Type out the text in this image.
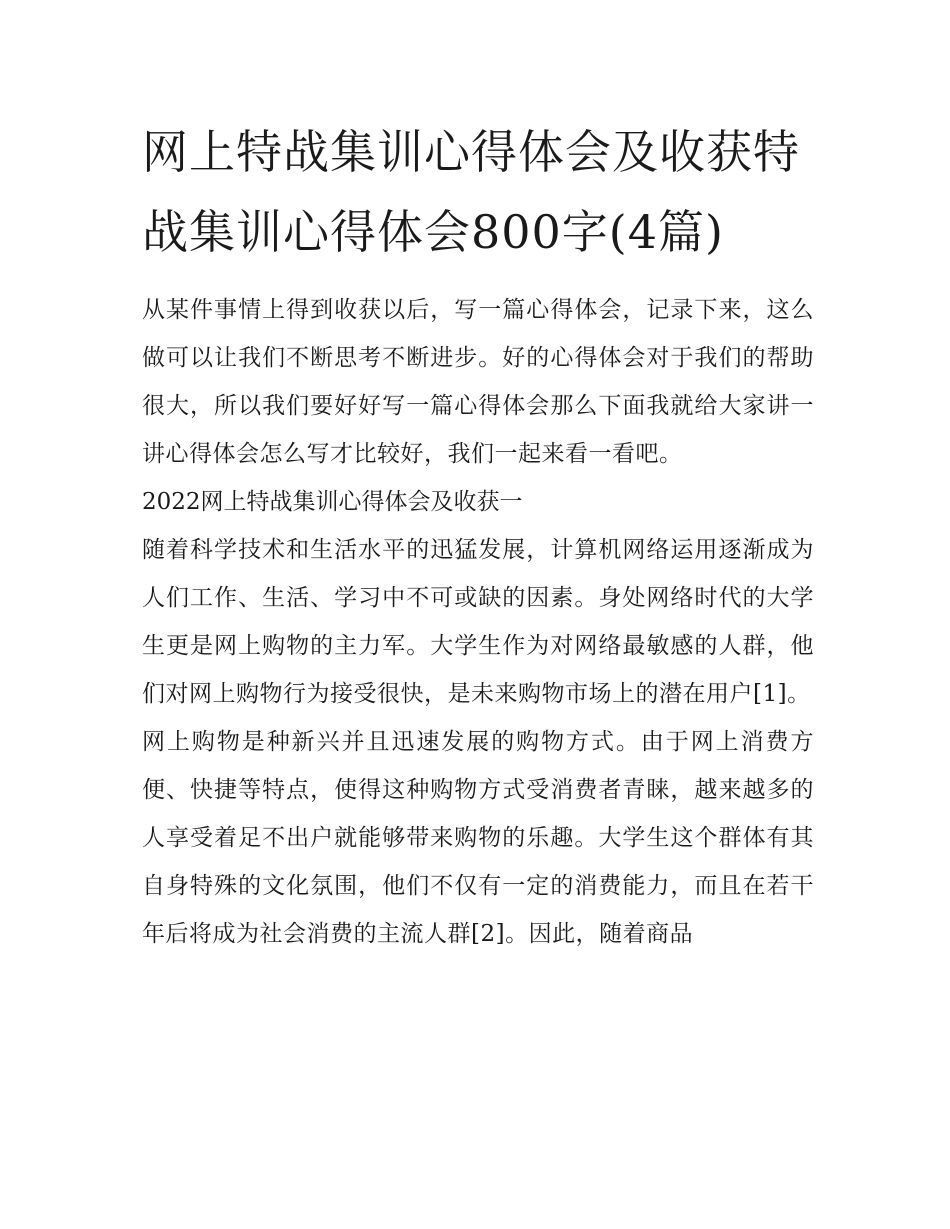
网上特战集训心得体会及收获特战集训心得体会800字(4篇)

从某件事情上得到收获以后，写一篇心得体会，记录下来，这么做可以让我们不断思考不断进步。好的心得体会对于我们的帮助很大，所以我们要好好写一篇心得体会那么下面我就给大家讲一讲心得体会怎么写才比较好，我们一起来看一看吧。

2022网上特战集训心得体会及收获一

随着科学技术和生活水平的迅猛发展，计算机网络运用逐渐成为人们工作、生活、学习中不可或缺的因素。身处网络时代的大学生更是网上购物的主力军。大学生作为对网络最敏感的人群，他们对网上购物行为接受很快，是未来购物市场上的潜在用户[1]。

网上购物是种新兴并且迅速发展的购物方式。由于网上消费方便、快捷等特点，使得这种购物方式受消费者青睐，越来越多的人享受着足不出户就能够带来购物的乐趣。大学生这个群体有其自身特殊的文化氛围，他们不仅有一定的消费能力，而且在若干年后将成为社会消费的主流人群[2]。因此，随着商品
